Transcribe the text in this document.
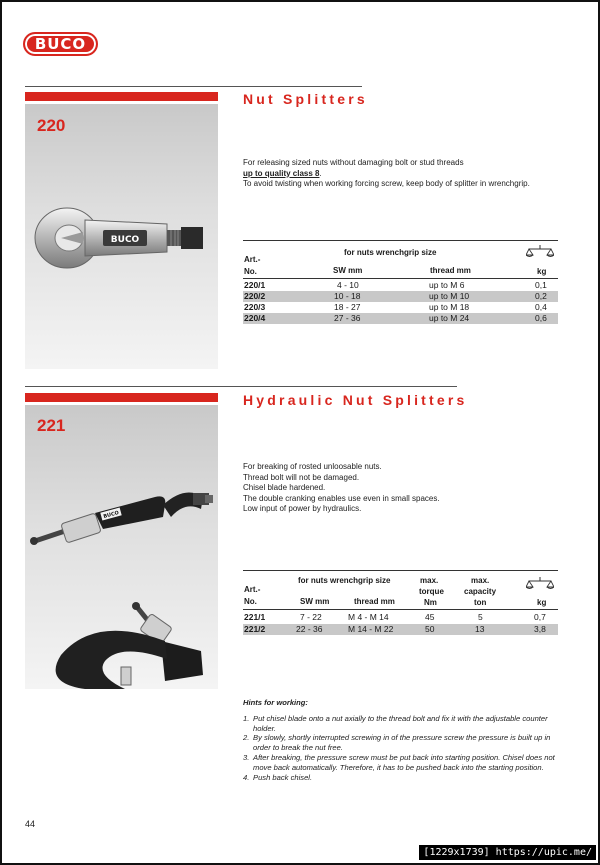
BUCO
BUCO
220
Nut Splitters
For releasing sized nuts without damaging bolt or stud threads
up to quality class 8.
To avoid twisting when working forcing screw, keep body of splitter in wrenchgrip.
for nuts wrenchgrip size
Art.-
No.	SW mm	thread mm	kg
220/1	4 - 10	up to M 6	0,1
220/2	10 - 18	up to M 10	0,2
220/3	18 - 27	up to M 18	0,4
220/4	27 - 36	up to M 24	0,6
BUCO
221
Hydraulic Nut Splitters
For breaking of rosted unloosable nuts.
Thread bolt will not be damaged.
Chisel blade hardened.
The double cranking enables use even in small spaces.
Low input of power by hydraulics.
for nuts wrenchgrip size	max.
torque
Nm
max.
capacity
ton
Art.-
No.	SW mm	thread mm	kg
221/1	7 - 22	M 4 - M 14	45	5	0,7
221/2	22 - 36	M 14 - M 22	50	13	3,8
Hints for working:
1. Put chisel blade onto a nut axially to the thread bolt and fix it with the adjustable counter holder.
2. By slowly, shortly interrupted screwing in of the pressure screw the pressure is built up in order to break the nut free.
3. After breaking, the pressure screw must be put back into starting position. Chisel does not move back automatically. Therefore, it has to be pushed back into the starting position.
4. Push back chisel.
44
[1229x1739] https://upic.me/
